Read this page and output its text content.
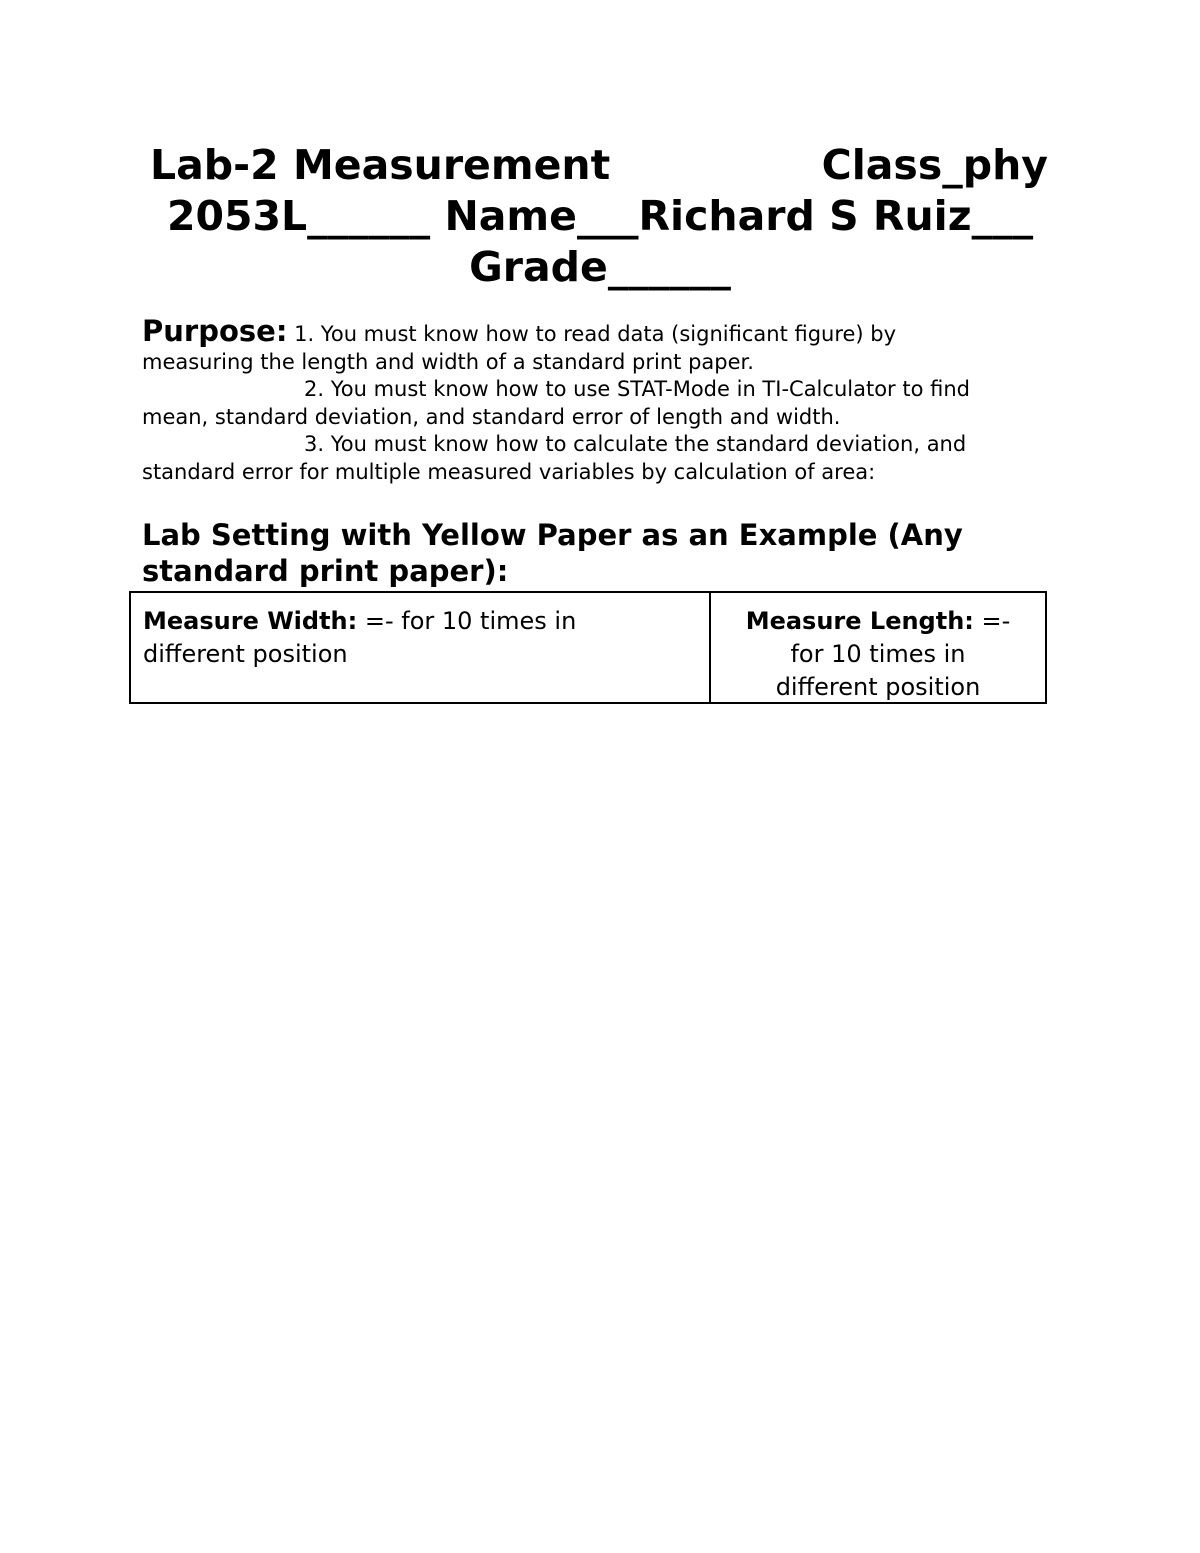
Lab-2 Measurement	Class_phy
2053L______ Name___Richard S Ruiz___
Grade______
Purpose: 1. You must know how to read data (significant figure) by
measuring the length and width of a standard print paper.
2. You must know how to use STAT-Mode in TI-Calculator to find
mean, standard deviation, and standard error of length and width.
3. You must know how to calculate the standard deviation, and
standard error for multiple measured variables by calculation of area:
Lab Setting with Yellow Paper as an Example (Any
standard print paper):
Measure Width: =- for 10 times in
different position
Measure Length: =-
for 10 times in
different position
